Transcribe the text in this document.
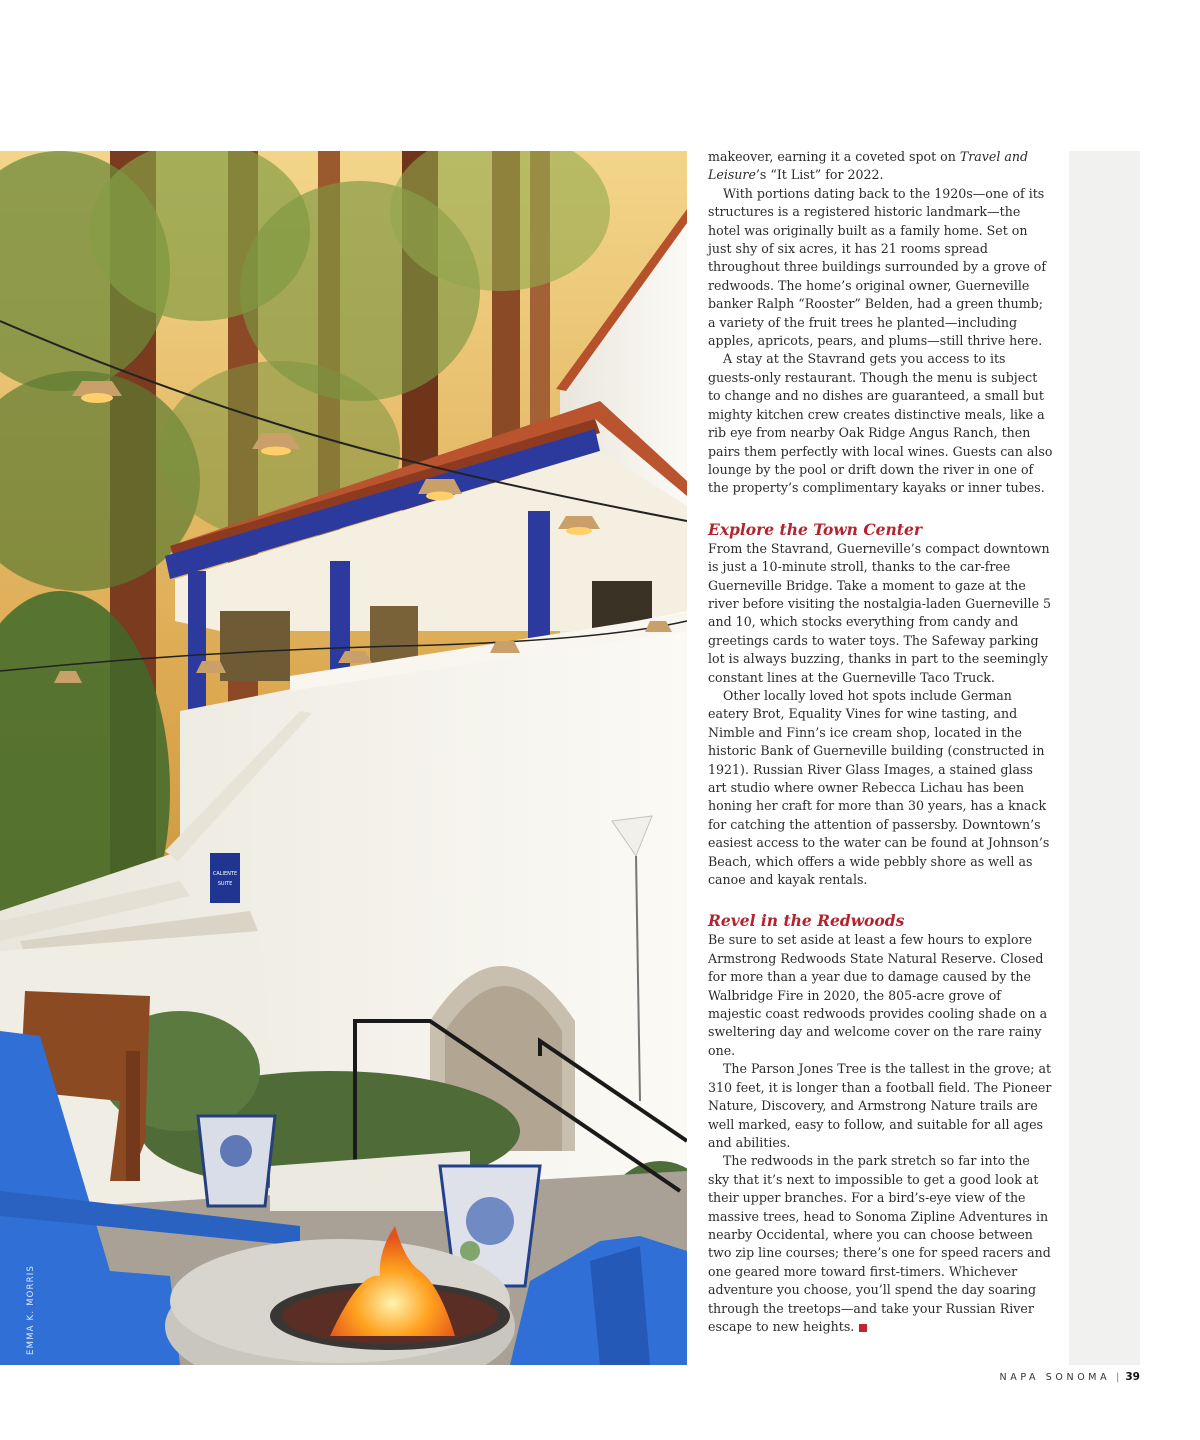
CALIENTE
SUITE
EMMA K. MORRIS

makeover, earning it a coveted spot on Travel and Leisure’s “It List” for 2022.

With portions dating back to the 1920s—one of its structures is a registered historic landmark—the hotel was originally built as a family home. Set on just shy of six acres, it has 21 rooms spread throughout three buildings surrounded by a grove of redwoods. The home’s original owner, Guerneville banker Ralph “Rooster” Belden, had a green thumb; a variety of the fruit trees he planted—including apples, apricots, pears, and plums—still thrive here.

A stay at the Stavrand gets you access to its guests-only restaurant. Though the menu is subject to change and no dishes are guaranteed, a small but mighty kitchen crew creates distinctive meals, like a rib eye from nearby Oak Ridge Angus Ranch, then pairs them perfectly with local wines. Guests can also lounge by the pool or drift down the river in one of the property’s complimentary kayaks or inner tubes.

Explore the Town Center

From the Stavrand, Guerneville’s compact downtown is just a 10-minute stroll, thanks to the car-free Guerneville Bridge. Take a moment to gaze at the river before visiting the nostalgia-laden Guerneville 5 and 10, which stocks everything from candy and greetings cards to water toys. The Safeway parking lot is always buzzing, thanks in part to the seemingly constant lines at the Guerneville Taco Truck.

Other locally loved hot spots include German eatery Brot, Equality Vines for wine tasting, and Nimble and Finn’s ice cream shop, located in the historic Bank of Guerneville building (constructed in 1921). Russian River Glass Images, a stained glass art studio where owner Rebecca Lichau has been honing her craft for more than 30 years, has a knack for catching the attention of passersby. Downtown’s easiest access to the water can be found at Johnson’s Beach, which offers a wide pebbly shore as well as canoe and kayak rentals.

Revel in the Redwoods

Be sure to set aside at least a few hours to explore Armstrong Redwoods State Natural Reserve. Closed for more than a year due to damage caused by the Walbridge Fire in 2020, the 805-acre grove of majestic coast redwoods provides cooling shade on a sweltering day and welcome cover on the rare rainy one.

The Parson Jones Tree is the tallest in the grove; at 310 feet, it is longer than a football field. The Pioneer Nature, Discovery, and Armstrong Nature trails are well marked, easy to follow, and suitable for all ages and abilities.

The redwoods in the park stretch so far into the sky that it’s next to impossible to get a good look at their upper branches. For a bird’s-eye view of the massive trees, head to Sonoma Zipline Adventures in nearby Occidental, where you can choose between two zip line courses; there’s one for speed racers and one geared more toward first-timers. Whichever adventure you choose, you’ll spend the day soaring through the treetops—and take your Russian River escape to new heights.

NAPA SONOMA | 39
